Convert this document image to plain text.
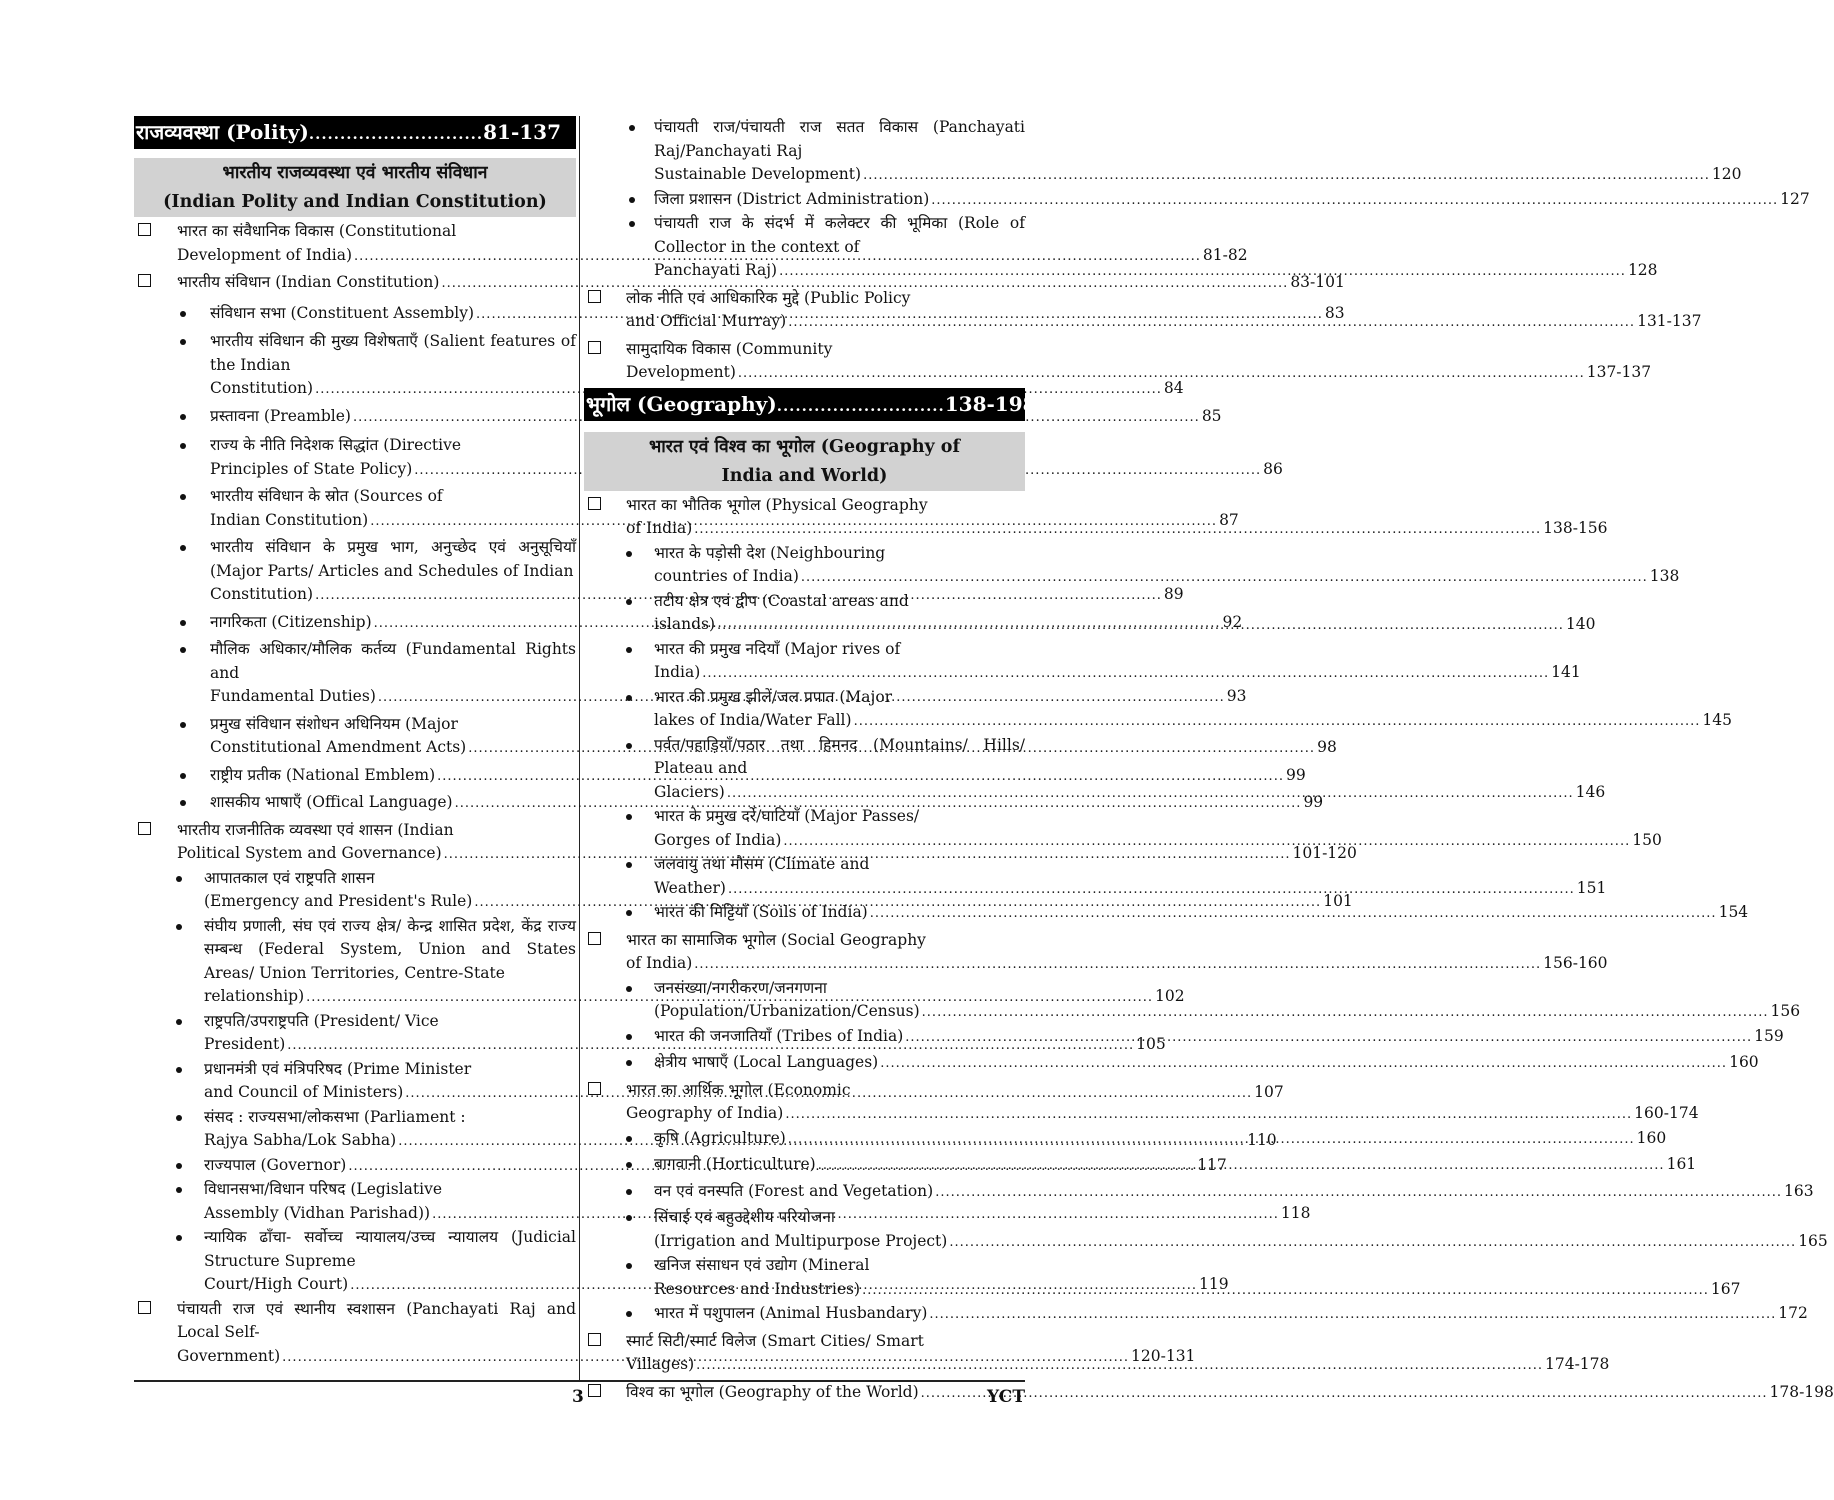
राजव्यवस्था (Polity)............................81-137
भारतीय राजव्यवस्था एवं भारतीय संविधान
(Indian Polity and Indian Constitution)
भारत का संवैधानिक विकास (Constitutional
Development of India) .....	81-82
भारतीय संविधान (Indian Constitution) .....	83-101
संविधान सभा (Constituent Assembly) .....	83
भारतीय संविधान की मुख्य विशेषताएँ (Salient features of the Indian
Constitution) .....	84
प्रस्तावना (Preamble) .....	85
राज्य के नीति निदेशक सिद्धांत (Directive
Principles of State Policy) .....	86
भारतीय संविधान के स्रोत (Sources of
Indian Constitution) .....	87
भारतीय संविधान के प्रमुख भाग, अनुच्छेद एवं अनुसूचियाँ (Major Parts/ Articles and Schedules of Indian
Constitution) .....	89
नागरिकता (Citizenship) .....	92
मौलिक अधिकार/मौलिक कर्तव्य (Fundamental Rights and
Fundamental Duties) .....	93
प्रमुख संविधान संशोधन अधिनियम (Major
Constitutional Amendment Acts) .....	98
राष्ट्रीय प्रतीक (National Emblem) .....	99
शासकीय भाषाएँ (Offical Language) .....	99
भारतीय राजनीतिक व्यवस्था एवं शासन (Indian
Political System and Governance) .....	101-120
आपातकाल एवं राष्ट्रपति शासन
(Emergency and President's Rule) .....	101
संघीय प्रणाली, संघ एवं राज्य क्षेत्र/ केन्द्र शासित प्रदेश, केंद्र राज्य सम्बन्ध (Federal System, Union and States Areas/ Union Territories, Centre-State
relationship) .....	102
राष्ट्रपति/उपराष्ट्रपति (President/ Vice
President) .....	105
प्रधानमंत्री एवं मंत्रिपरिषद (Prime Minister
and Council of Ministers) .....	107
संसद : राज्यसभा/लोकसभा (Parliament :
Rajya Sabha/Lok Sabha) .....	110
राज्यपाल (Governor) .....	117
विधानसभा/विधान परिषद (Legislative
Assembly (Vidhan Parishad)) .....	118
न्यायिक ढाँचा- सर्वोच्च न्यायालय/उच्च न्यायालय (Judicial Structure Supreme
Court/High Court) .....	119
पंचायती राज एवं स्थानीय स्वशासन (Panchayati Raj and Local Self-
Government) .....	120-131
पंचायती राज/पंचायती राज सतत विकास (Panchayati Raj/Panchayati Raj
Sustainable Development) .....	120
जिला प्रशासन (District Administration) .....	127
पंचायती राज के संदर्भ में कलेक्टर की भूमिका (Role of Collector in the context of
Panchayati Raj) .....	128
लोक नीति एवं आधिकारिक मुद्दे (Public Policy
and Official Murray) .....	131-137
सामुदायिक विकास (Community
Development) .....	137-137
भूगोल (Geography)...........................138-198
भारत एवं विश्व का भूगोल (Geography of
India and World)
भारत का भौतिक भूगोल (Physical Geography
of India) .....	138-156
भारत के पड़ोसी देश (Neighbouring
countries of India) .....	138
तटीय क्षेत्र एवं द्वीप (Coastal areas and
islands) .....	140
भारत की प्रमुख नदियाँ (Major rives of
India) .....	141
भारत की प्रमुख झीलें/जल प्रपात (Major
lakes of India/Water Fall) .....	145
पर्वत/पहाड़ियाँ/पठार तथा हिमनद (Mountains/ Hills/ Plateau and
Glaciers) .....	146
भारत के प्रमुख दर्रे/घाटियाँ (Major Passes/
Gorges of India) .....	150
जलवायु तथा मौसम (Climate and
Weather) .....	151
भारत की मिट्टियाँ (Soils of India) .....	154
भारत का सामाजिक भूगोल (Social Geography
of India) .....	156-160
जनसंख्या/नगरीकरण/जनगणना
(Population/Urbanization/Census) .....	156
भारत की जनजातियाँ (Tribes of India) .....	159
क्षेत्रीय भाषाएँ (Local Languages) .....	160
भारत का आर्थिक भूगोल (Economic
Geography of India) .....	160-174
कृषि (Agriculture) .....	160
बागवानी (Horticulture) .....	161
वन एवं वनस्पति (Forest and Vegetation) .....	163
सिंचाई एवं बहुउद्देशीय परियोजना
(Irrigation and Multipurpose Project) .....	165
खनिज संसाधन एवं उद्योग (Mineral
Resources and Industries) .....	167
भारत में पशुपालन (Animal Husbandary) .....	172
स्मार्ट सिटी/स्मार्ट विलेज (Smart Cities/ Smart
Villages) .....	174-178
विश्व का भूगोल (Geography of the World) .....	178-198
3	YCT
